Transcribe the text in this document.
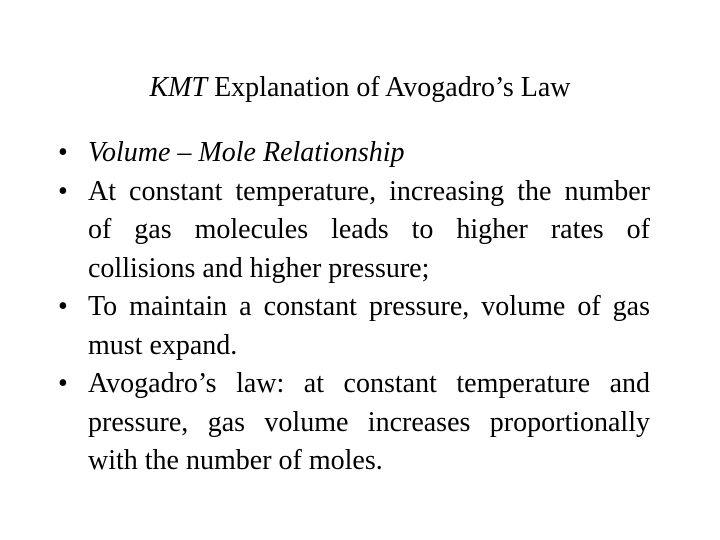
KMT Explanation of Avogadro’s Law
• Volume – Mole Relationship
• At constant temperature, increasing the number of gas molecules leads to higher rates of collisions and higher pressure;
• To maintain a constant pressure, volume of gas must expand.
• Avogadro’s law: at constant temperature and pressure, gas volume increases proportionally with the number of moles.
